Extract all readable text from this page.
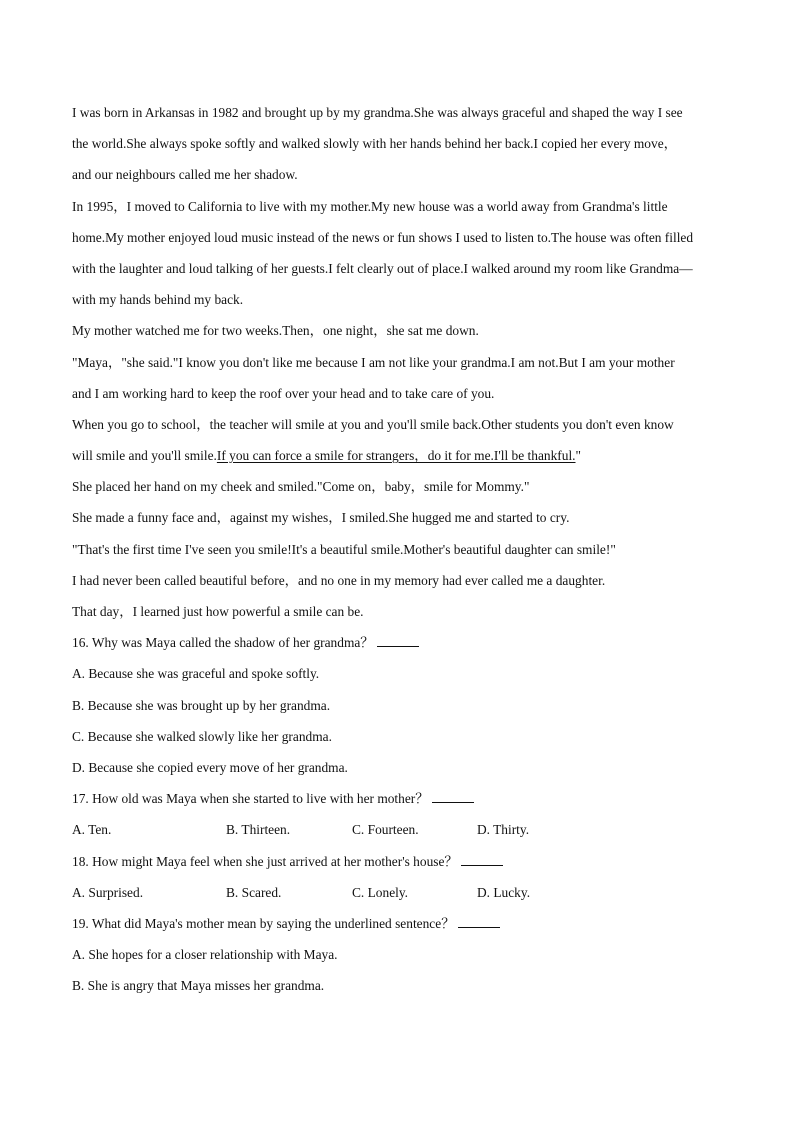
I was born in Arkansas in 1982 and brought up by my grandma.She was always graceful and shaped the way I see
the world.She always spoke softly and walked slowly with her hands behind her back.I copied her every move，
and our neighbours called me her shadow.
In 1995，I moved to California to live with my mother.My new house was a world away from Grandma's little
home.My mother enjoyed loud music instead of the news or fun shows I used to listen to.The house was often filled
with the laughter and loud talking of her guests.I felt clearly out of place.I walked around my room like Grandma—
with my hands behind my back.
My mother watched me for two weeks.Then，one night，she sat me down.
"Maya，"she said."I know you don't like me because I am not like your grandma.I am not.But I am your mother
and I am working hard to keep the roof over your head and to take care of you.
When you go to school，the teacher will smile at you and you'll smile back.Other students you don't even know
will smile and you'll smile.If you can force a smile for strangers，do it for me.I'll be thankful."
She placed her hand on my cheek and smiled."Come on，baby，smile for Mommy."
She made a funny face and，against my wishes，I smiled.She hugged me and started to cry.
"That's the first time I've seen you smile!It's a beautiful smile.Mother's beautiful daughter can smile!"
I had never been called beautiful before，and no one in my memory had ever called me a daughter.
That day，I learned just how powerful a smile can be.
16. Why was Maya called the shadow of her grandma？
A. Because she was graceful and spoke softly.
B. Because she was brought up by her grandma.
C. Because she walked slowly like her grandma.
D. Because she copied every move of her grandma.
17. How old was Maya when she started to live with her mother？
A. Ten.	B. Thirteen.	C. Fourteen.	D. Thirty.
18. How might Maya feel when she just arrived at her mother's house？
A. Surprised.	B. Scared.	C. Lonely.	D. Lucky.
19. What did Maya's mother mean by saying the underlined sentence？
A. She hopes for a closer relationship with Maya.
B. She is angry that Maya misses her grandma.
